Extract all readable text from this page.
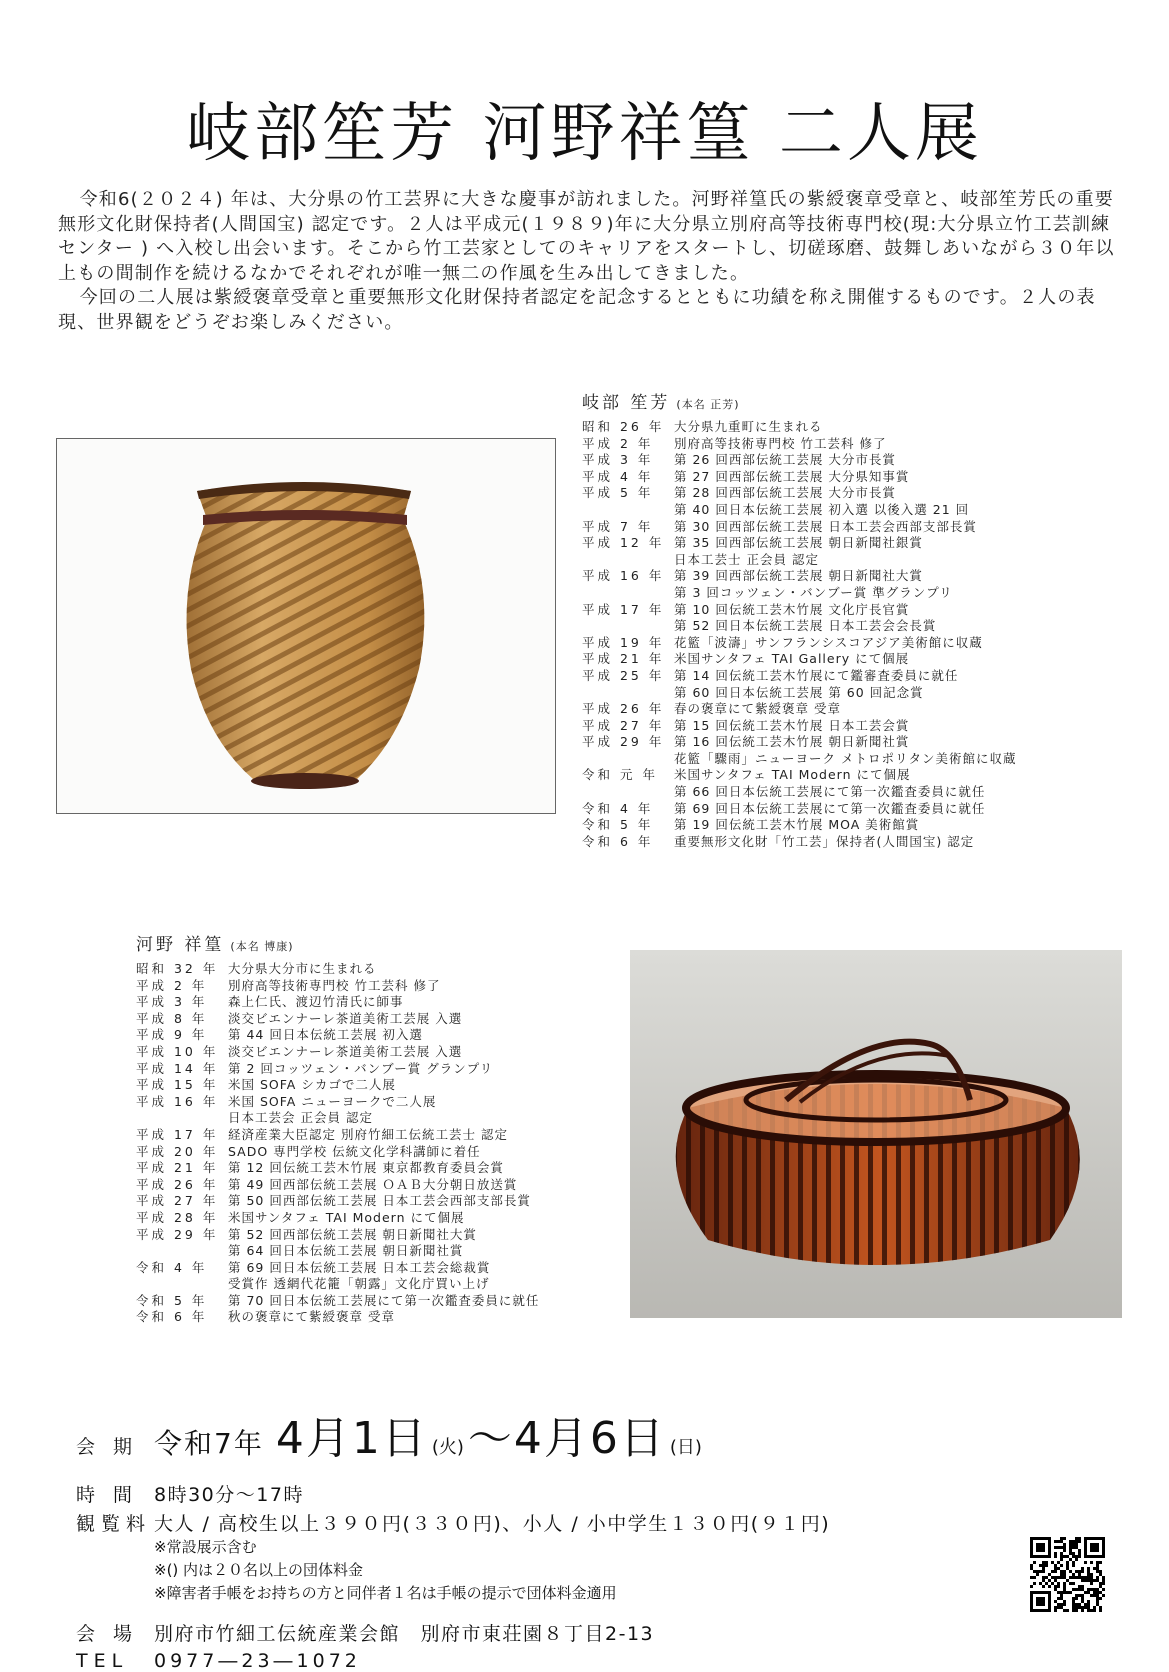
岐部笙芳 河野祥篁 二人展

令和6(２０２４) 年は、大分県の竹工芸界に大きな慶事が訪れました。河野祥篁氏の紫綬褒章受章と、岐部笙芳氏の重要無形文化財保持者(人間国宝) 認定です。２人は平成元(１９８９)年に大分県立別府高等技術専門校(現:大分県立竹工芸訓練センター ) へ入校し出会います。そこから竹工芸家としてのキャリアをスタートし、切磋琢磨、鼓舞しあいながら３０年以上もの間制作を続けるなかでそれぞれが唯一無二の作風を生み出してきました。

今回の二人展は紫綬褒章受章と重要無形文化財保持者認定を記念するとともに功績を称え開催するものです。２人の表現、世界観をどうぞお楽しみください。

岐部 笙芳 (本名 正芳)
昭和 26 年 大分県九重町に生まれる
平成 2 年	別府高等技術専門校 竹工芸科 修了
平成 3 年	第 26 回西部伝統工芸展 大分市長賞
平成 4 年	第 27 回西部伝統工芸展 大分県知事賞
平成 5 年	第 28 回西部伝統工芸展 大分市長賞
第 40 回日本伝統工芸展 初入選 以後入選 21 回
平成 7 年	第 30 回西部伝統工芸展 日本工芸会西部支部長賞
平成 12 年 第 35 回西部伝統工芸展 朝日新聞社銀賞
日本工芸士 正会員 認定
平成 16 年 第 39 回西部伝統工芸展 朝日新聞社大賞
第 3 回コッツェン・バンブー賞 準グランプリ
平成 17 年 第 10 回伝統工芸木竹展 文化庁長官賞
第 52 回日本伝統工芸展 日本工芸会会長賞
平成 19 年 花籃「波濤」サンフランシスコアジア美術館に収蔵
平成 21 年 米国サンタフェ TAI Gallery にて個展
平成 25 年 第 14 回伝統工芸木竹展にて鑑審査委員に就任
第 60 回日本伝統工芸展 第 60 回記念賞
平成 26 年 春の褒章にて紫綬褒章 受章
平成 27 年 第 15 回伝統工芸木竹展 日本工芸会賞
平成 29 年 第 16 回伝統工芸木竹展 朝日新聞社賞
花籃「驟雨」ニューヨーク メトロポリタン美術館に収蔵
令和 元 年	米国サンタフェ TAI Modern にて個展
第 66 回日本伝統工芸展にて第一次鑑査委員に就任
令和 4 年	第 69 回日本伝統工芸展にて第一次鑑査委員に就任
令和 5 年	第 19 回伝統工芸木竹展 MOA 美術館賞
令和 6 年	重要無形文化財「竹工芸」保持者(人間国宝) 認定
河野 祥篁 (本名 博康)
昭和 32 年 大分県大分市に生まれる
平成 2 年	別府高等技術専門校 竹工芸科 修了
平成 3 年	森上仁氏、渡辺竹清氏に師事
平成 8 年	淡交ビエンナーレ茶道美術工芸展 入選
平成 9 年	第 44 回日本伝統工芸展 初入選
平成 10 年 淡交ビエンナーレ茶道美術工芸展 入選
平成 14 年 第 2 回コッツェン・バンブー賞 グランプリ
平成 15 年 米国 SOFA シカゴで二人展
平成 16 年 米国 SOFA ニューヨークで二人展
日本工芸会 正会員 認定
平成 17 年 経済産業大臣認定 別府竹細工伝統工芸士 認定
平成 20 年 SADO 専門学校 伝統文化学科講師に着任
平成 21 年 第 12 回伝統工芸木竹展 東京都教育委員会賞
平成 26 年 第 49 回西部伝統工芸展 ＯＡＢ大分朝日放送賞
平成 27 年 第 50 回西部伝統工芸展 日本工芸会西部支部長賞
平成 28 年 米国サンタフェ TAI Modern にて個展
平成 29 年 第 52 回西部伝統工芸展 朝日新聞社大賞
第 64 回日本伝統工芸展 朝日新聞社賞
令和 4 年	第 69 回日本伝統工芸展 日本工芸会総裁賞
受賞作 透網代花籠「朝露」文化庁買い上げ
令和 5 年	第 70 回日本伝統工芸展にて第一次鑑査委員に就任
令和 6 年	秋の褒章にて紫綬褒章 受章
会 期 令和7年 4月1日 (火) 〜 4月6日 (日)
時 間 8時30分〜17時
観覧料 大人 / 高校生以上３９０円(３３０円)、小人 / 小中学生１３０円(９１円)
※常設展示含む
※() 内は２０名以上の団体料金
※障害者手帳をお持ちの方と同伴者１名は手帳の提示で団体料金適用
会 場 別府市竹細工伝統産業会館　別府市東荘園８丁目2-13
TEL	0977―23―1072
